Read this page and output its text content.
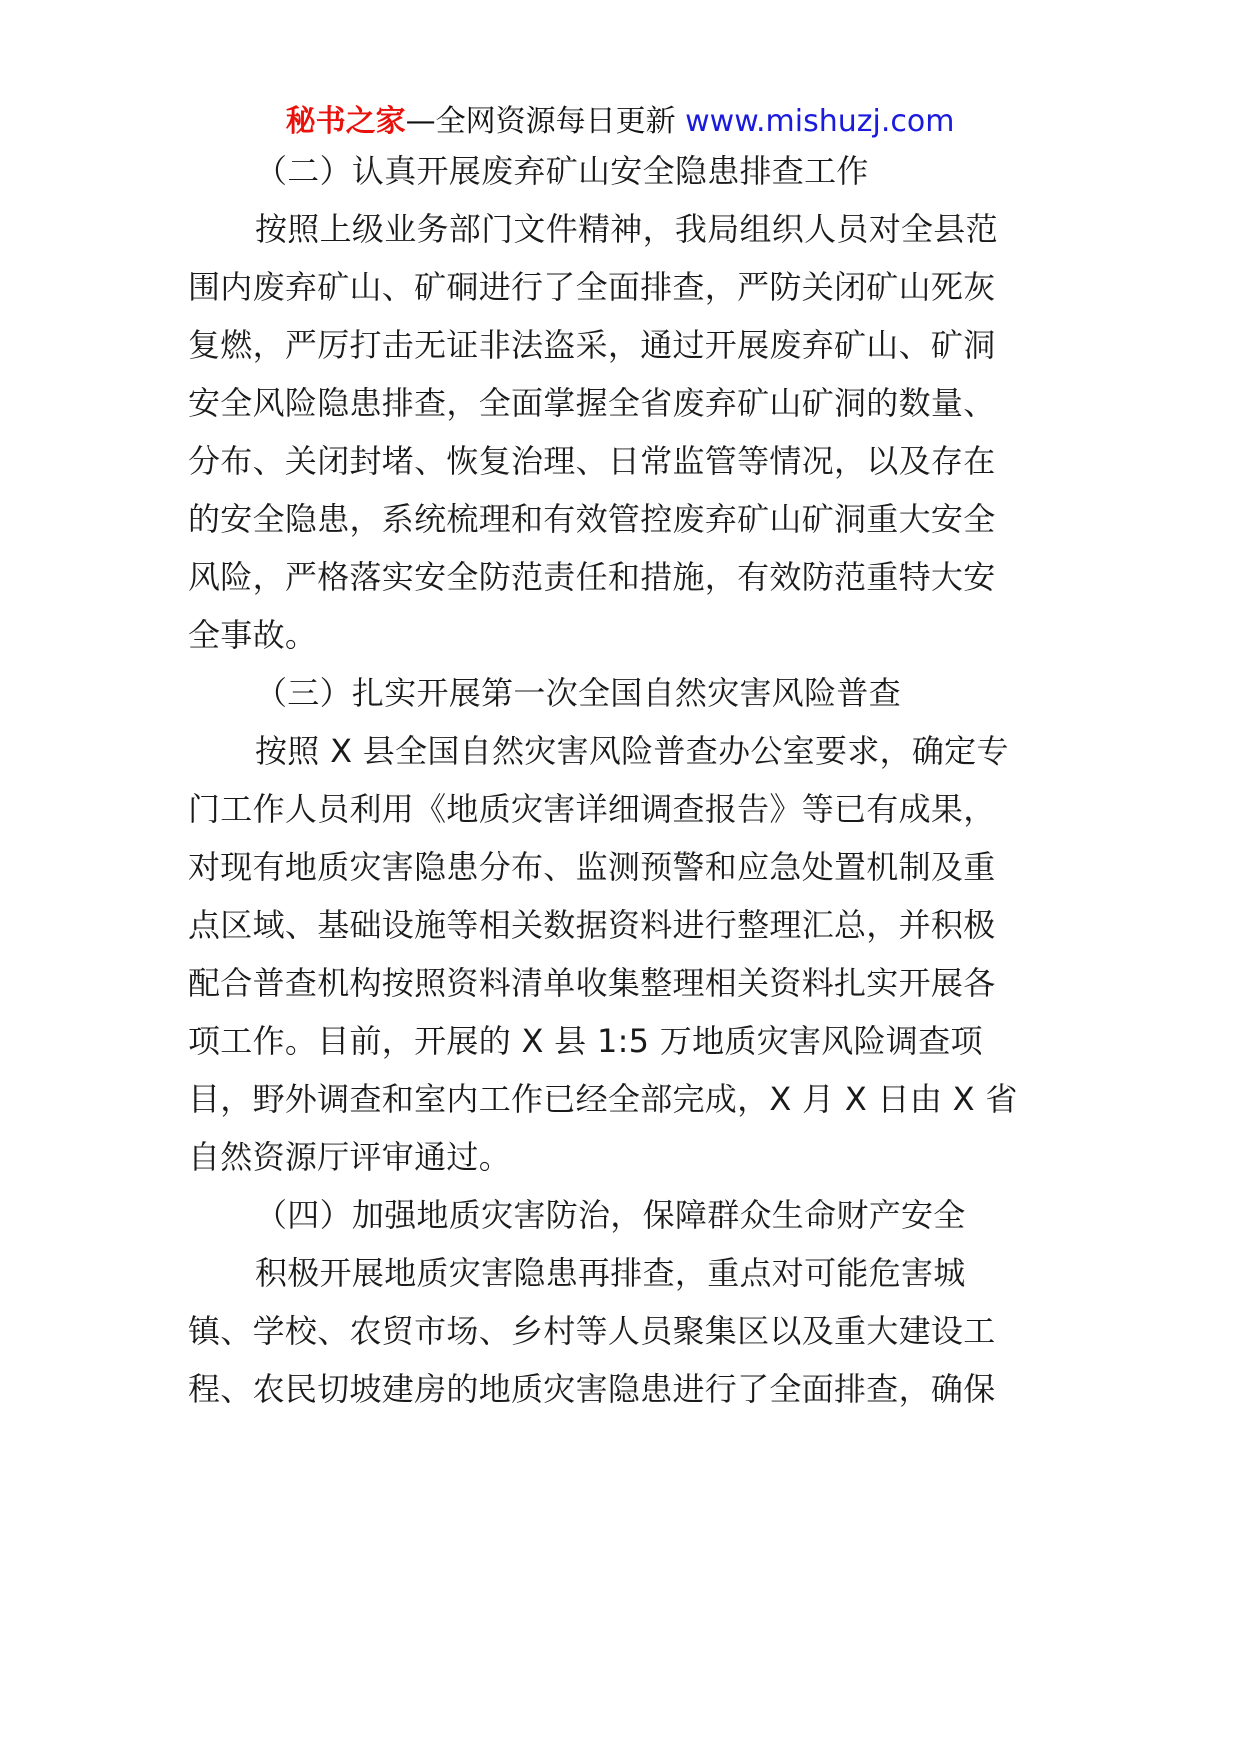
秘书之家—全网资源每日更新 www.mishuzj.com
（二）认真开展废弃矿山安全隐患排查工作
按照上级业务部门文件精神，我局组织人员对全县范
围内废弃矿山、矿硐进行了全面排查，严防关闭矿山死灰
复燃，严厉打击无证非法盗采，通过开展废弃矿山、矿洞
安全风险隐患排查，全面掌握全省废弃矿山矿洞的数量、
分布、关闭封堵、恢复治理、日常监管等情况，以及存在
的安全隐患，系统梳理和有效管控废弃矿山矿洞重大安全
风险，严格落实安全防范责任和措施，有效防范重特大安
全事故。
（三）扎实开展第一次全国自然灾害风险普查
按照 X 县全国自然灾害风险普查办公室要求，确定专
门工作人员利用《地质灾害详细调查报告》等已有成果，
对现有地质灾害隐患分布、监测预警和应急处置机制及重
点区域、基础设施等相关数据资料进行整理汇总，并积极
配合普查机构按照资料清单收集整理相关资料扎实开展各
项工作。目前，开展的 X 县 1:5 万地质灾害风险调查项
目，野外调查和室内工作已经全部完成，X 月 X 日由 X 省
自然资源厅评审通过。
（四）加强地质灾害防治，保障群众生命财产安全
积极开展地质灾害隐患再排查，重点对可能危害城
镇、学校、农贸市场、乡村等人员聚集区以及重大建设工
程、农民切坡建房的地质灾害隐患进行了全面排查，确保
